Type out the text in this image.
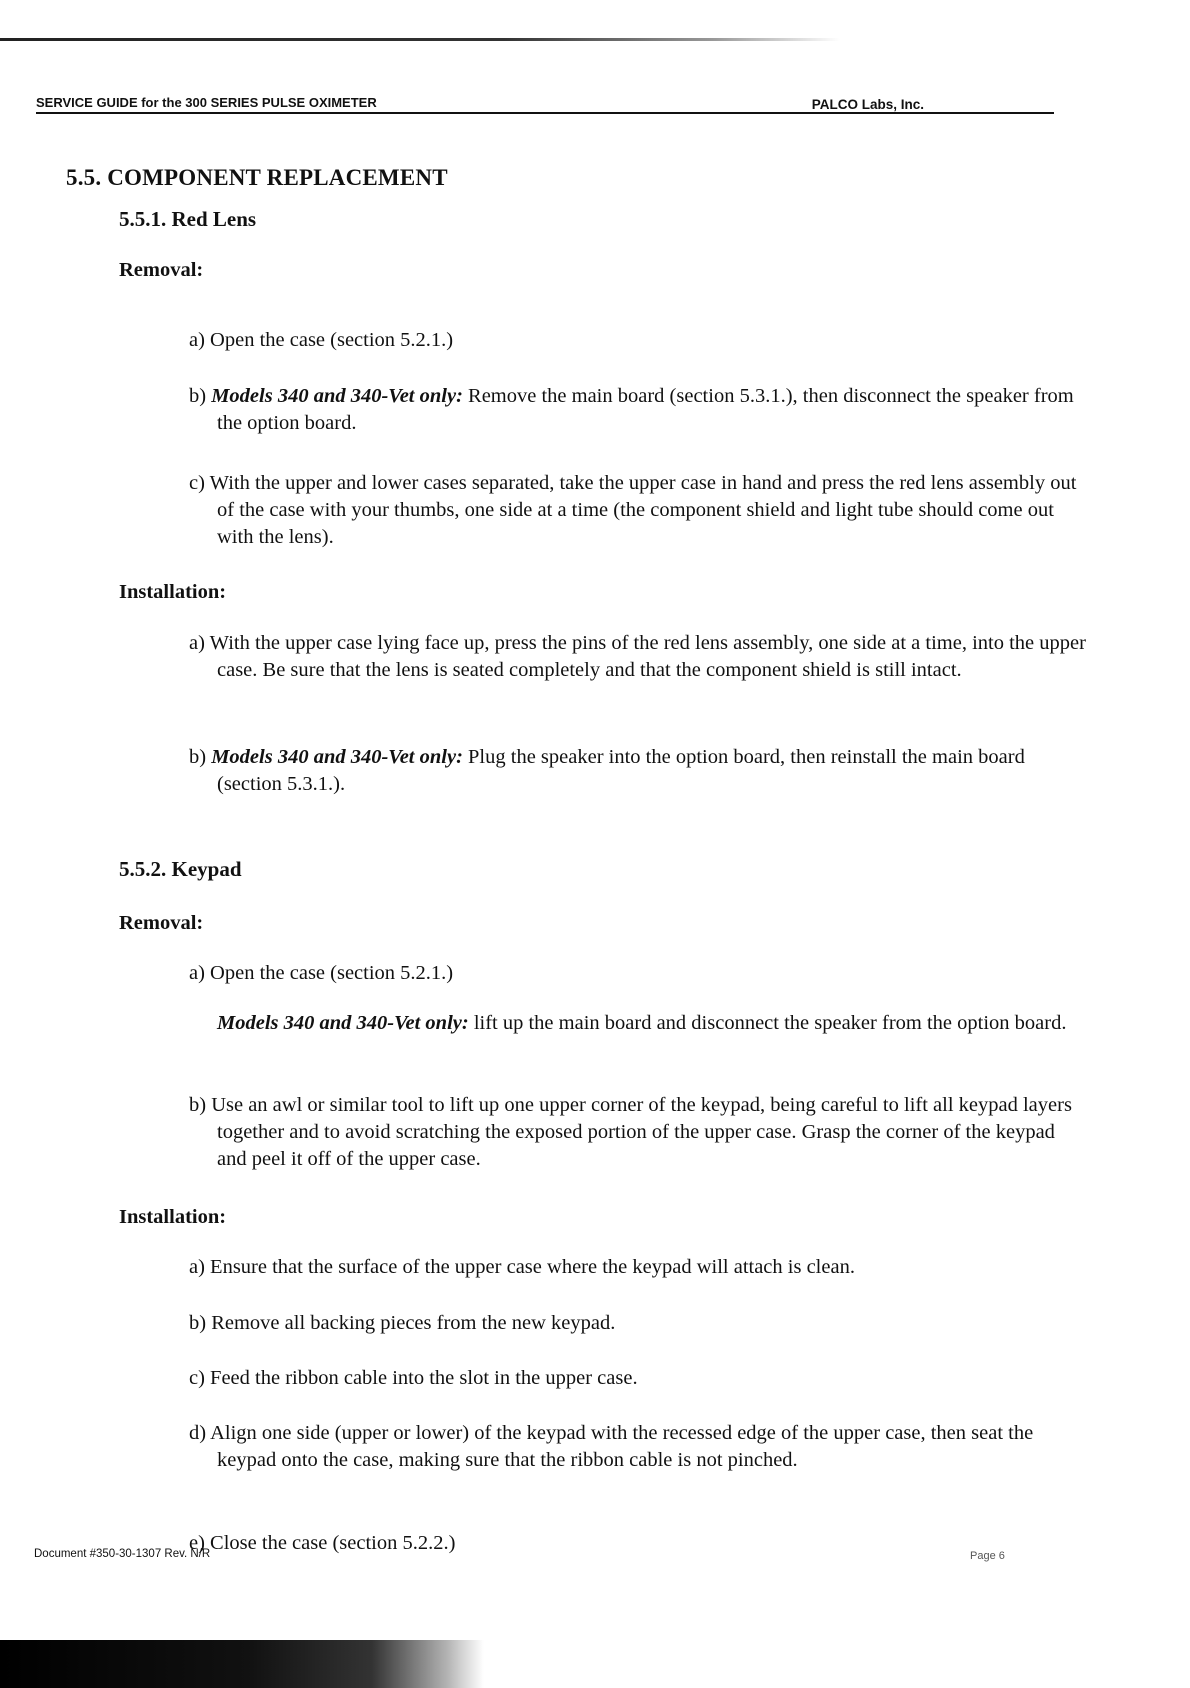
SERVICE GUIDE for the 300 SERIES PULSE OXIMETER	PALCO Labs, Inc.
5.5. COMPONENT REPLACEMENT
5.5.1. Red Lens
Removal:
a) Open the case (section 5.2.1.)
b) Models 340 and 340-Vet only: Remove the main board (section 5.3.1.), then disconnect the speaker from the option board.
c) With the upper and lower cases separated, take the upper case in hand and press the red lens assembly out of the case with your thumbs, one side at a time (the component shield and light tube should come out with the lens).
Installation:
a) With the upper case lying face up, press the pins of the red lens assembly, one side at a time, into the upper case. Be sure that the lens is seated completely and that the component shield is still intact.
b) Models 340 and 340-Vet only: Plug the speaker into the option board, then reinstall the main board (section 5.3.1.).
5.5.2. Keypad
Removal:
a) Open the case (section 5.2.1.)
Models 340 and 340-Vet only: lift up the main board and disconnect the speaker from the option board.
b) Use an awl or similar tool to lift up one upper corner of the keypad, being careful to lift all keypad layers together and to avoid scratching the exposed portion of the upper case. Grasp the corner of the keypad and peel it off of the upper case.
Installation:
a) Ensure that the surface of the upper case where the keypad will attach is clean.
b) Remove all backing pieces from the new keypad.
c) Feed the ribbon cable into the slot in the upper case.
d) Align one side (upper or lower) of the keypad with the recessed edge of the upper case, then seat the keypad onto the case, making sure that the ribbon cable is not pinched.
e) Close the case (section 5.2.2.)
Document #350-30-1307 Rev. N/R	Page 6
